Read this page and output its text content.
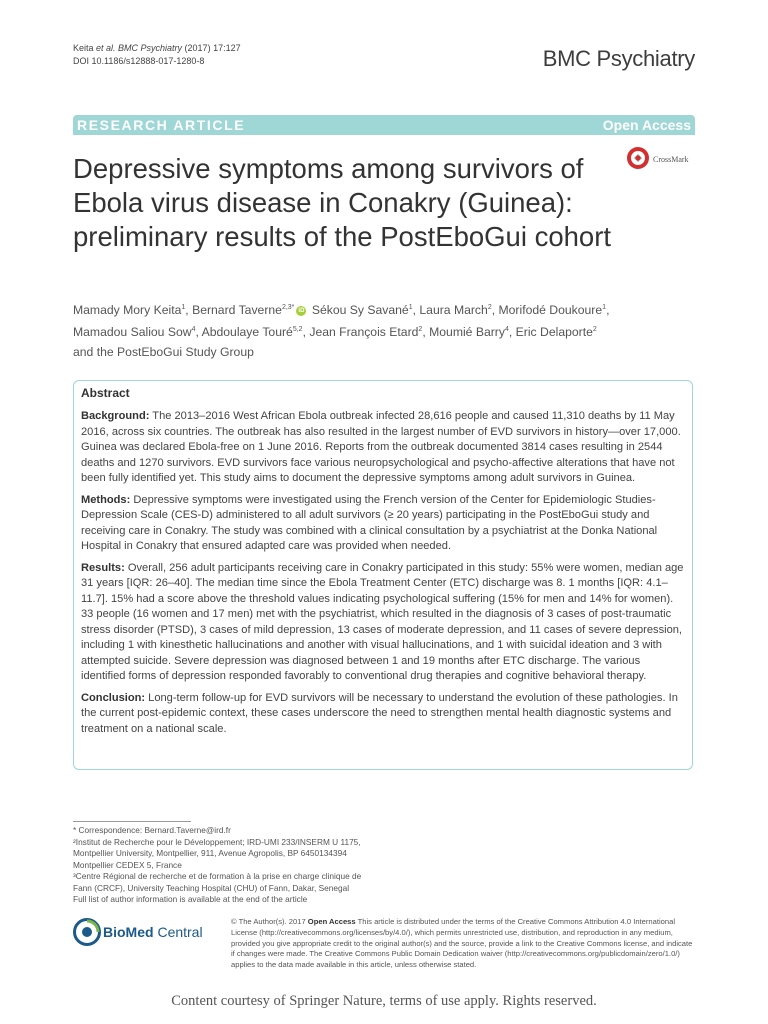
Keita et al. BMC Psychiatry (2017) 17:127
DOI 10.1186/s12888-017-1280-8	BMC Psychiatry
RESEARCH ARTICLE	Open Access
Depressive symptoms among survivors of Ebola virus disease in Conakry (Guinea): preliminary results of the PostEboGui cohort
CrossMark
Mamady Mory Keita$^1$, Bernard Taverne$^{2,3*}$ iD Sékou Sy Savané$^1$, Laura March$^2$, Morifodé Doukoure$^1$,
Mamadou Saliou Sow$^4$, Abdoulaye Touré$^{5,2}$, Jean François Etard$^2$, Moumié Barry$^4$, Eric Delaporte$^2$
and the PostEboGui Study Group
Abstract

Background: The 2013–2016 West African Ebola outbreak infected 28,616 people and caused 11,310 deaths by 11 May 2016, across six countries. The outbreak has also resulted in the largest number of EVD survivors in history—over 17,000. Guinea was declared Ebola-free on 1 June 2016. Reports from the outbreak documented 3814 cases resulting in 2544 deaths and 1270 survivors. EVD survivors face various neuropsychological and psycho-affective alterations that have not been fully identified yet. This study aims to document the depressive symptoms among adult survivors in Guinea.

Methods: Depressive symptoms were investigated using the French version of the Center for Epidemiologic Studies-Depression Scale (CES-D) administered to all adult survivors (≥ 20 years) participating in the PostEboGui study and receiving care in Conakry. The study was combined with a clinical consultation by a psychiatrist at the Donka National Hospital in Conakry that ensured adapted care was provided when needed.

Results: Overall, 256 adult participants receiving care in Conakry participated in this study: 55% were women, median age 31 years [IQR: 26–40]. The median time since the Ebola Treatment Center (ETC) discharge was 8. 1 months [IQR: 4.1–11.7]. 15% had a score above the threshold values indicating psychological suffering (15% for men and 14% for women). 33 people (16 women and 17 men) met with the psychiatrist, which resulted in the diagnosis of 3 cases of post-traumatic stress disorder (PTSD), 3 cases of mild depression, 13 cases of moderate depression, and 11 cases of severe depression, including 1 with kinesthetic hallucinations and another with visual hallucinations, and 1 with suicidal ideation and 3 with attempted suicide. Severe depression was diagnosed between 1 and 19 months after ETC discharge. The various identified forms of depression responded favorably to conventional drug therapies and cognitive behavioral therapy.

Conclusion: Long-term follow-up for EVD survivors will be necessary to understand the evolution of these pathologies. In the current post-epidemic context, these cases underscore the need to strengthen mental health diagnostic systems and treatment on a national scale.

* Correspondence: Bernard.Taverne@ird.fr
²Institut de Recherche pour le Développement; IRD-UMI 233/INSERM U 1175, Montpellier University, Montpellier, 911, Avenue Agropolis, BP 6450134394 Montpellier CEDEX 5, France
³Centre Régional de recherche et de formation à la prise en charge clinique de Fann (CRCF), University Teaching Hospital (CHU) of Fann, Dakar, Senegal
Full list of author information is available at the end of the article
BioMed Central
© The Author(s). 2017 Open Access This article is distributed under the terms of the Creative Commons Attribution 4.0 International License (http://creativecommons.org/licenses/by/4.0/), which permits unrestricted use, distribution, and reproduction in any medium, provided you give appropriate credit to the original author(s) and the source, provide a link to the Creative Commons license, and indicate if changes were made. The Creative Commons Public Domain Dedication waiver (http://creativecommons.org/publicdomain/zero/1.0/) applies to the data made available in this article, unless otherwise stated.
Content courtesy of Springer Nature, terms of use apply. Rights reserved.
